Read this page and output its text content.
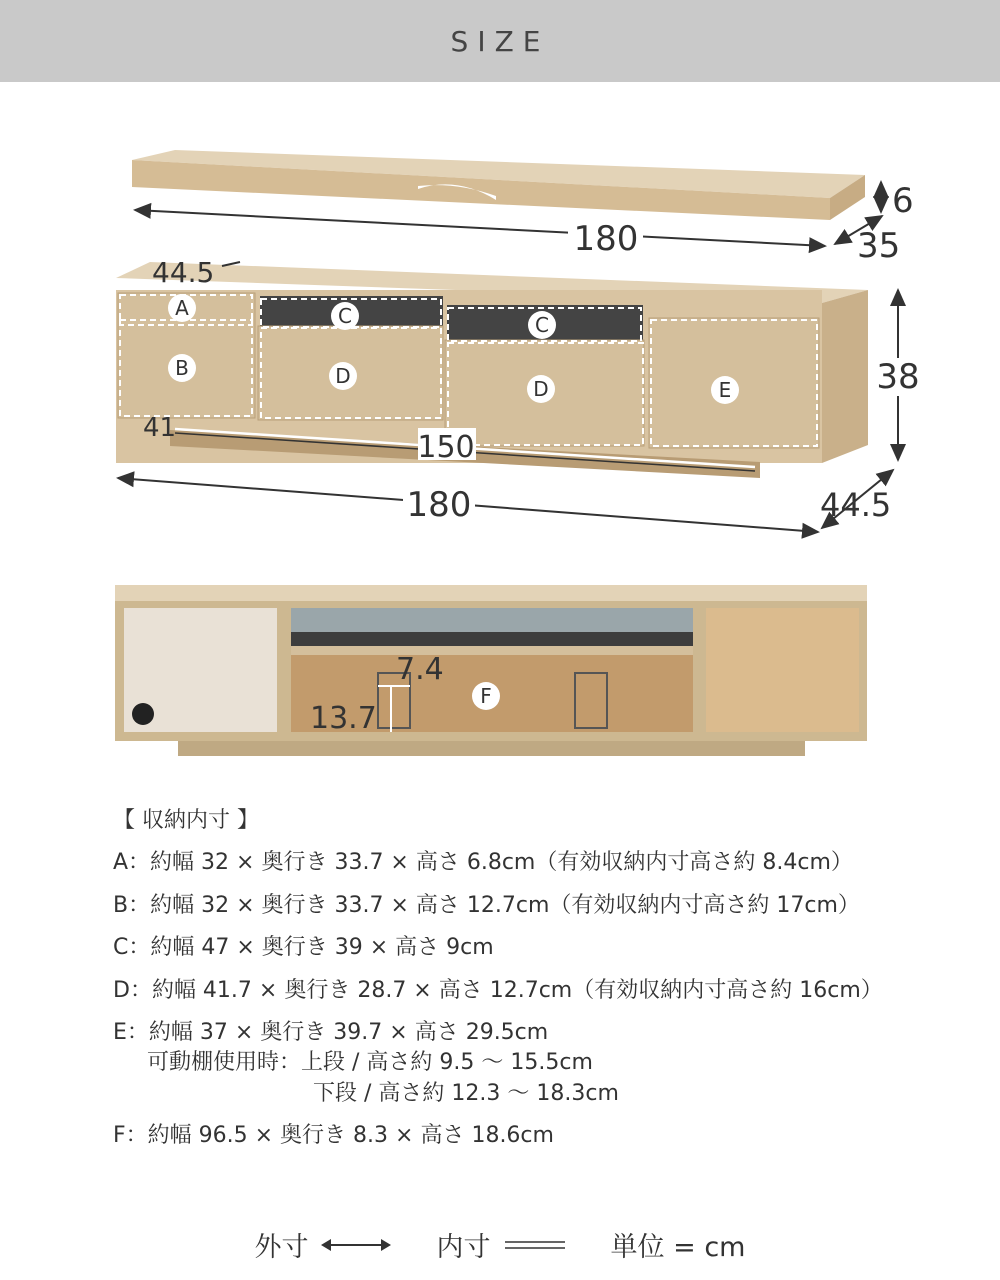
SIZE
180	35
6
A
B
C	C
D
D	E
44.5
41
150
180	44.5
38
F
7.4
13.7
【 収納内寸 】
A：約幅 32 × 奥行き 33.7 × 高さ 6.8cm（有効収納内寸高さ約 8.4cm）
B：約幅 32 × 奥行き 33.7 × 高さ 12.7cm（有効収納内寸高さ約 17cm）
C：約幅 47 × 奥行き 39 × 高さ 9cm
D：約幅 41.7 × 奥行き 28.7 × 高さ 12.7cm（有効収納内寸高さ約 16cm）
E：約幅 37 × 奥行き 39.7 × 高さ 29.5cm
可動棚使用時：上段 / 高さ約 9.5 〜 15.5cm
下段 / 高さ約 12.3 〜 18.3cm
F：約幅 96.5 × 奥行き 8.3 × 高さ 18.6cm
外寸	内寸	単位 = cm
